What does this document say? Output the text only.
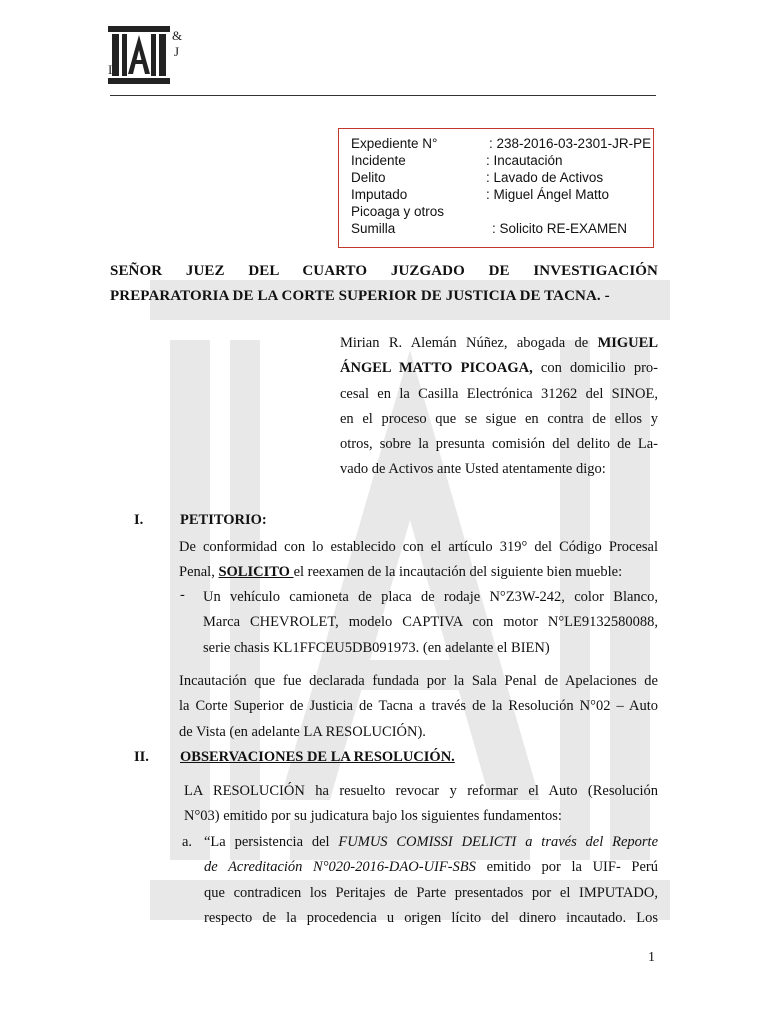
&
J
I
Expediente N°	: 238-2016-03-2301-JR-PE
Incidente	: Incautación
Delito	: Lavado de Activos
Imputado	: Miguel Ángel Matto
Picoaga y otros
Sumilla	: Solicito RE-EXAMEN
SEÑOR JUEZ DEL CUARTO JUZGADO DE INVESTIGACIÓN
PREPARATORIA DE LA CORTE SUPERIOR DE JUSTICIA DE TACNA. -
Mirian R. Alemán Núñez, abogada de MIGUEL
ÁNGEL MATTO PICOAGA, con domicilio pro-
cesal en la Casilla Electrónica 31262 del SINOE,
en el proceso que se sigue en contra de ellos y
otros, sobre la presunta comisión del delito de La-
vado de Activos ante Usted atentamente digo:
I.	PETITORIO:
De conformidad con lo establecido con el artículo 319° del Código Procesal
Penal, SOLICITO el reexamen de la incautación del siguiente bien mueble:
- Un vehículo camioneta de placa de rodaje N°Z3W-242, color Blanco,
Marca CHEVROLET, modelo CAPTIVA con motor N°LE9132580088,
serie chasis KL1FFCEU5DB091973. (en adelante el BIEN)
Incautación que fue declarada fundada por la Sala Penal de Apelaciones de
la Corte Superior de Justicia de Tacna a través de la Resolución N°02 – Auto
de Vista (en adelante LA RESOLUCIÓN).
II. OBSERVACIONES DE LA RESOLUCIÓN.
LA RESOLUCIÓN ha resuelto revocar y reformar el Auto (Resolución
N°03) emitido por su judicatura bajo los siguientes fundamentos:
a. “La persistencia del FUMUS COMISSI DELICTI a través del Reporte
de Acreditación N°020-2016-DAO-UIF-SBS emitido por la UIF- Perú
que contradicen los Peritajes de Parte presentados por el IMPUTADO,
respecto de la procedencia u origen lícito del dinero incautado. Los
1
